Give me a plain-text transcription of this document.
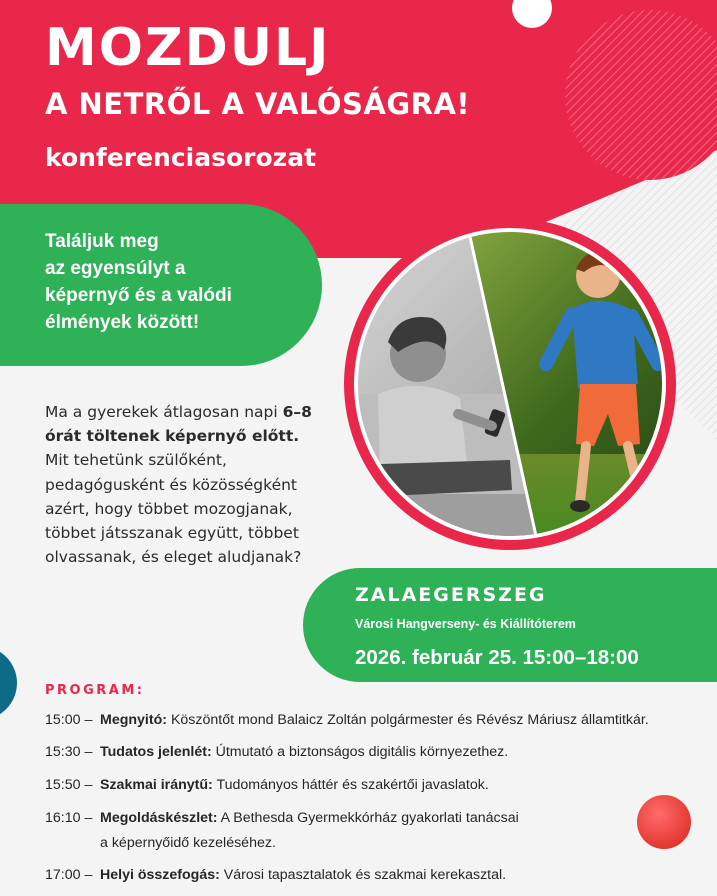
MOZDULJ
A NETRŐL A VALÓSÁGRA!
konferenciasorozat
Találjuk meg
az egyensúlyt a
képernyő és a valódi
élmények között!

Ma a gyerekek átlagosan napi 6–8 órát töltenek képernyő előtt. Mit tehetünk szülőként, pedagógusként és közösségként azért, hogy többet mozogjanak, többet játsszanak együtt, többet olvassanak, és eleget aludjanak?

ZALAEGERSZEG
Városi Hangverseny- és Kiállítóterem
2026. február 25. 15:00–18:00
PROGRAM:
15:00 – Megnyitó: Köszöntőt mond Balaicz Zoltán polgármester és Révész Máriusz államtitkár.
15:30 – Tudatos jelenlét: Útmutató a biztonságos digitális környezethez.
15:50 – Szakmai iránytű: Tudományos háttér és szakértői javaslatok.
16:10 – Megoldáskészlet: A Bethesda Gyermekkórház gyakorlati tanácsai
a képernyőidő kezeléséhez.
17:00 – Helyi összefogás: Városi tapasztalatok és szakmai kerekasztal.
